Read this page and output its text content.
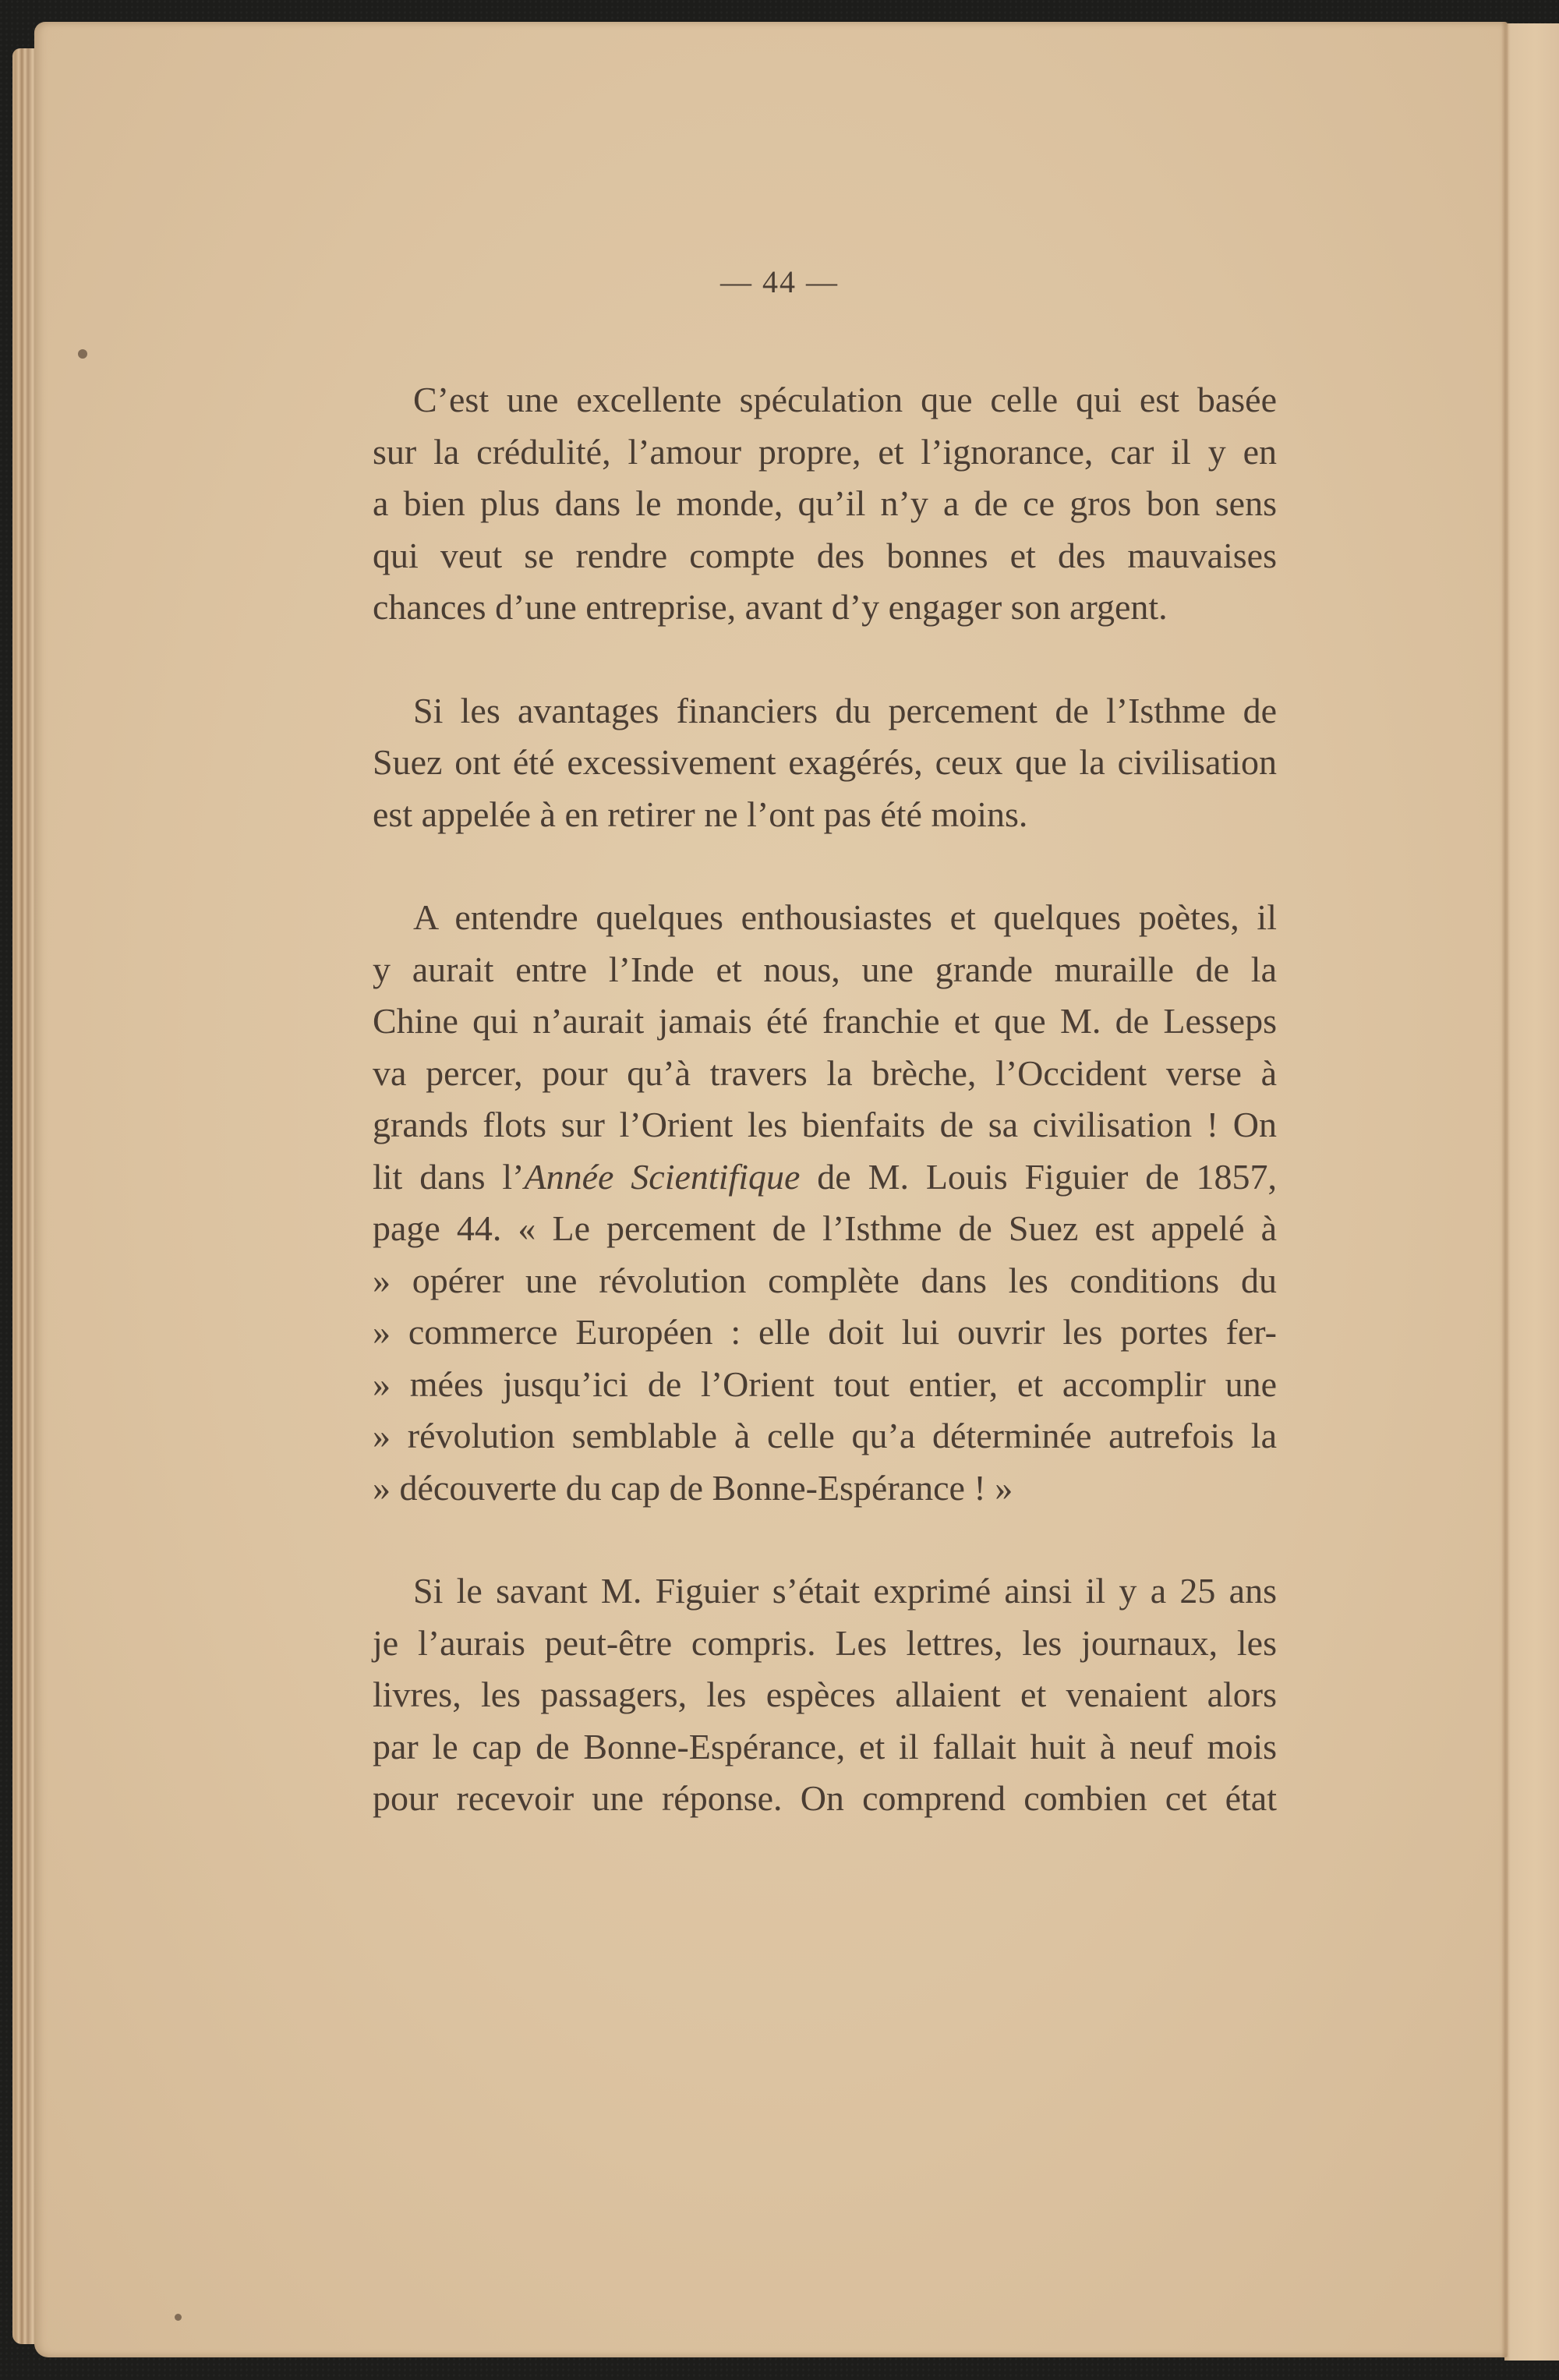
— 44 —
C’est une excellente spéculation que celle qui est basée
sur la crédulité, l’amour propre, et l’ignorance, car il y en
a bien plus dans le monde, qu’il n’y a de ce gros bon sens
qui veut se rendre compte des bonnes et des mauvaises
chances d’une entreprise, avant d’y engager son argent.
Si les avantages financiers du percement de l’Isthme de
Suez ont été excessivement exagérés, ceux que la civilisation
est appelée à en retirer ne l’ont pas été moins.
A entendre quelques enthousiastes et quelques poètes, il
y aurait entre l’Inde et nous, une grande muraille de la
Chine qui n’aurait jamais été franchie et que M. de Lesseps
va percer, pour qu’à travers la brèche, l’Occident verse à
grands flots sur l’Orient les bienfaits de sa civilisation ! On
lit dans l’Année Scientifique de M. Louis Figuier de 1857,
page 44. « Le percement de l’Isthme de Suez est appelé à
» opérer une révolution complète dans les conditions du
» commerce Européen : elle doit lui ouvrir les portes fer-
» mées jusqu’ici de l’Orient tout entier, et accomplir une
» révolution semblable à celle qu’a déterminée autrefois la
» découverte du cap de Bonne-Espérance ! »
Si le savant M. Figuier s’était exprimé ainsi il y a 25 ans
je l’aurais peut-être compris. Les lettres, les journaux, les
livres, les passagers, les espèces allaient et venaient alors
par le cap de Bonne-Espérance, et il fallait huit à neuf mois
pour recevoir une réponse. On comprend combien cet état
